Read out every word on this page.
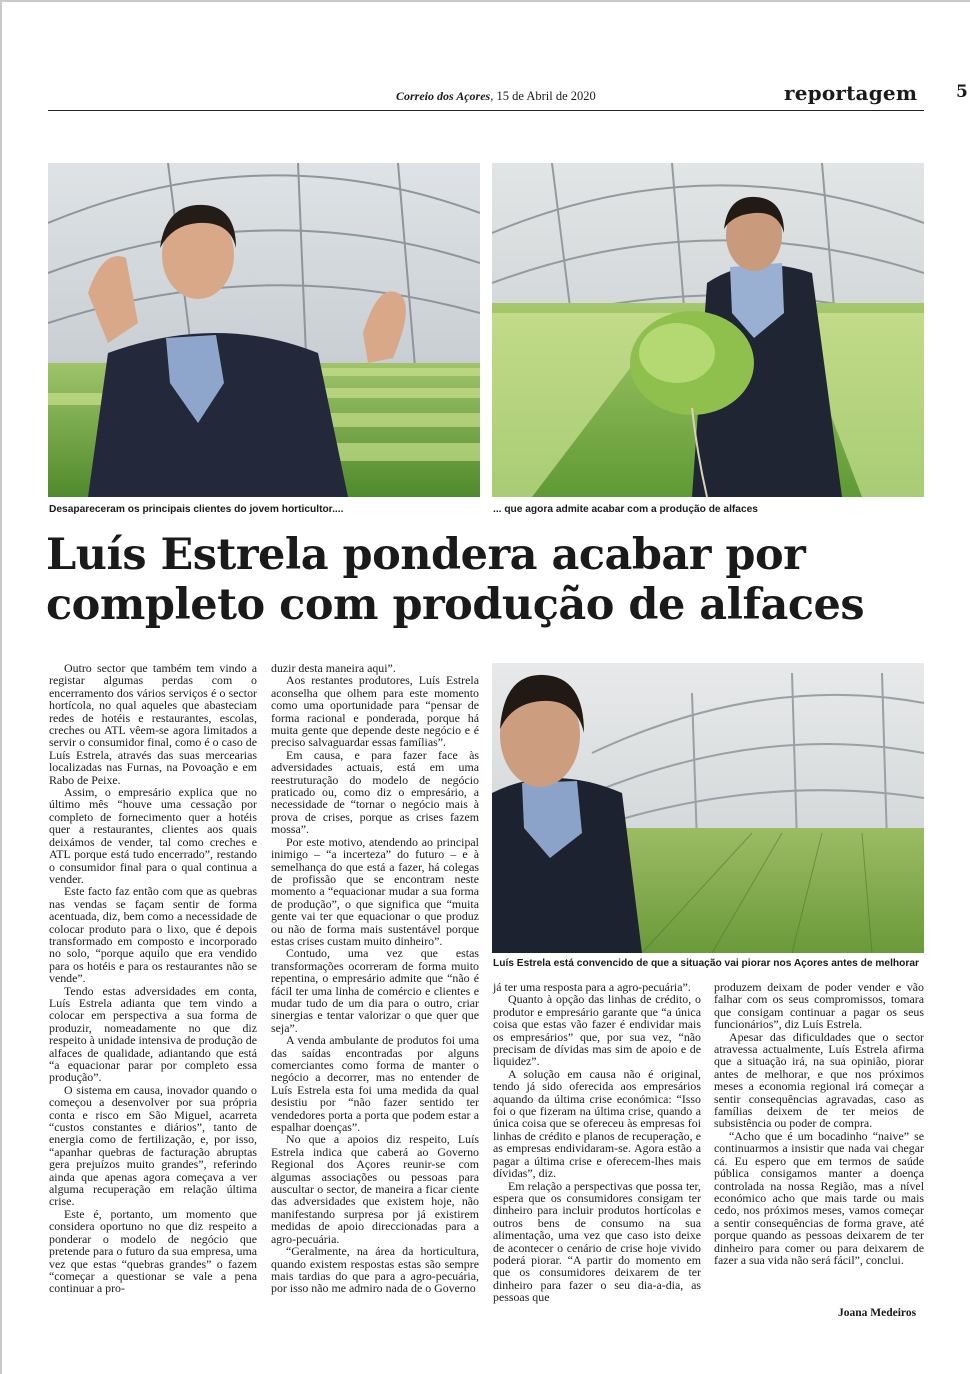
Correio dos Açores, 15 de Abril de 2020	reportagem 5
Desapareceram os principais clientes do jovem horticultor....	... que agora admite acabar com a produção de alfaces
Luís Estrela pondera acabar por completo com produção de alfaces
Luís Estrela está convencido de que a situação vai piorar nos Açores antes de melhorar

Outro sector que também tem vindo a registar algumas perdas com o encerramento dos vários serviços é o sector hortícola, no qual aqueles que abasteciam redes de hotéis e restaurantes, escolas, creches ou ATL vêem-se agora limitados a servir o consumidor final, como é o caso de Luís Estrela, através das suas mercearias localizadas nas Furnas, na Povoação e em Rabo de Peixe.

Assim, o empresário explica que no último mês “houve uma cessação por completo de fornecimento quer a hotéis quer a restaurantes, clientes aos quais deixámos de vender, tal como creches e ATL porque está tudo encerrado”, restando o consumidor final para o qual continua a vender.

Este facto faz então com que as quebras nas vendas se façam sentir de forma acentuada, diz, bem como a necessidade de colocar produto para o lixo, que é depois transformado em composto e incorporado no solo, “porque aquilo que era vendido para os hotéis e para os restaurantes não se vende”.

Tendo estas adversidades em conta, Luís Estrela adianta que tem vindo a colocar em perspectiva a sua forma de produzir, nomeadamente no que diz respeito à unidade intensiva de produção de alfaces de qualidade, adiantando que está “a equacionar parar por completo essa produção”.

O sistema em causa, inovador quando o começou a desenvolver por sua própria conta e risco em São Miguel, acarreta “custos constantes e diários”, tanto de energia como de fertilização, e, por isso, “apanhar quebras de facturação abruptas gera prejuízos muito grandes”, referindo ainda que apenas agora começava a ver alguma recuperação em relação última crise.

Este é, portanto, um momento que considera oportuno no que diz respeito a ponderar o modelo de negócio que pretende para o futuro da sua empresa, uma vez que estas “quebras grandes” o fazem “começar a questionar se vale a pena continuar a pro-

duzir desta maneira aqui”.

Aos restantes produtores, Luís Estrela aconselha que olhem para este momento como uma oportunidade para “pensar de forma racional e ponderada, porque há muita gente que depende deste negócio e é preciso salvaguardar essas famílias”.

Em causa, e para fazer face às adversidades actuais, está em uma reestruturação do modelo de negócio praticado ou, como diz o empresário, a necessidade de “tornar o negócio mais à prova de crises, porque as crises fazem mossa”.

Por este motivo, atendendo ao principal inimigo – “a incerteza” do futuro – e à semelhança do que está a fazer, há colegas de profissão que se encontram neste momento a “equacionar mudar a sua forma de produção”, o que significa que “muita gente vai ter que equacionar o que produz ou não de forma mais sustentável porque estas crises custam muito dinheiro”.

Contudo, uma vez que estas transformações ocorreram de forma muito repentina, o empresário admite que “não é fácil ter uma linha de comércio e clientes e mudar tudo de um dia para o outro, criar sinergias e tentar valorizar o que quer que seja”.

A venda ambulante de produtos foi uma das saídas encontradas por alguns comerciantes como forma de manter o negócio a decorrer, mas no entender de Luís Estrela esta foi uma medida da qual desistiu por “não fazer sentido ter vendedores porta a porta que podem estar a espalhar doenças”.

No que a apoios diz respeito, Luís Estrela indica que caberá ao Governo Regional dos Açores reunir-se com algumas associações ou pessoas para auscultar o sector, de maneira a ficar ciente das adversidades que existem hoje, não manifestando surpresa por já existirem medidas de apoio direccionadas para a agro-pecuária.

“Geralmente, na área da horticultura, quando existem respostas estas são sempre mais tardias do que para a agro-pecuária, por isso não me admiro nada de o Governo

já ter uma resposta para a agro-pecuária”.

Quanto à opção das linhas de crédito, o produtor e empresário garante que “a única coisa que estas vão fazer é endividar mais os empresários” que, por sua vez, “não precisam de dívidas mas sim de apoio e de liquidez”.

A solução em causa não é original, tendo já sido oferecida aos empresários aquando da última crise económica: “Isso foi o que fizeram na última crise, quando a única coisa que se ofereceu às empresas foi linhas de crédito e planos de recuperação, e as empresas endividaram-se. Agora estão a pagar a última crise e oferecem-lhes mais dívidas”, diz.

Em relação a perspectivas que possa ter, espera que os consumidores consigam ter dinheiro para incluir produtos hortícolas e outros bens de consumo na sua alimentação, uma vez que caso isto deixe de acontecer o cenário de crise hoje vivido poderá piorar. “A partir do momento em que os consumidores deixarem de ter dinheiro para fazer o seu dia-a-dia, as pessoas que

produzem deixam de poder vender e vão falhar com os seus compromissos, tomara que consigam continuar a pagar os seus funcionários”, diz Luís Estrela.

Apesar das dificuldades que o sector atravessa actualmente, Luís Estrela afirma que a situação irá, na sua opinião, piorar antes de melhorar, e que nos próximos meses a economia regional irá começar a sentir consequências agravadas, caso as famílias deixem de ter meios de subsistência ou poder de compra.

“Acho que é um bocadinho “naive” se continuarmos a insistir que nada vai chegar cá. Eu espero que em termos de saúde pública consigamos manter a doença controlada na nossa Região, mas a nível económico acho que mais tarde ou mais cedo, nos próximos meses, vamos começar a sentir consequências de forma grave, até porque quando as pessoas deixarem de ter dinheiro para comer ou para deixarem de fazer a sua vida não será fácil”, conclui.

Joana Medeiros
